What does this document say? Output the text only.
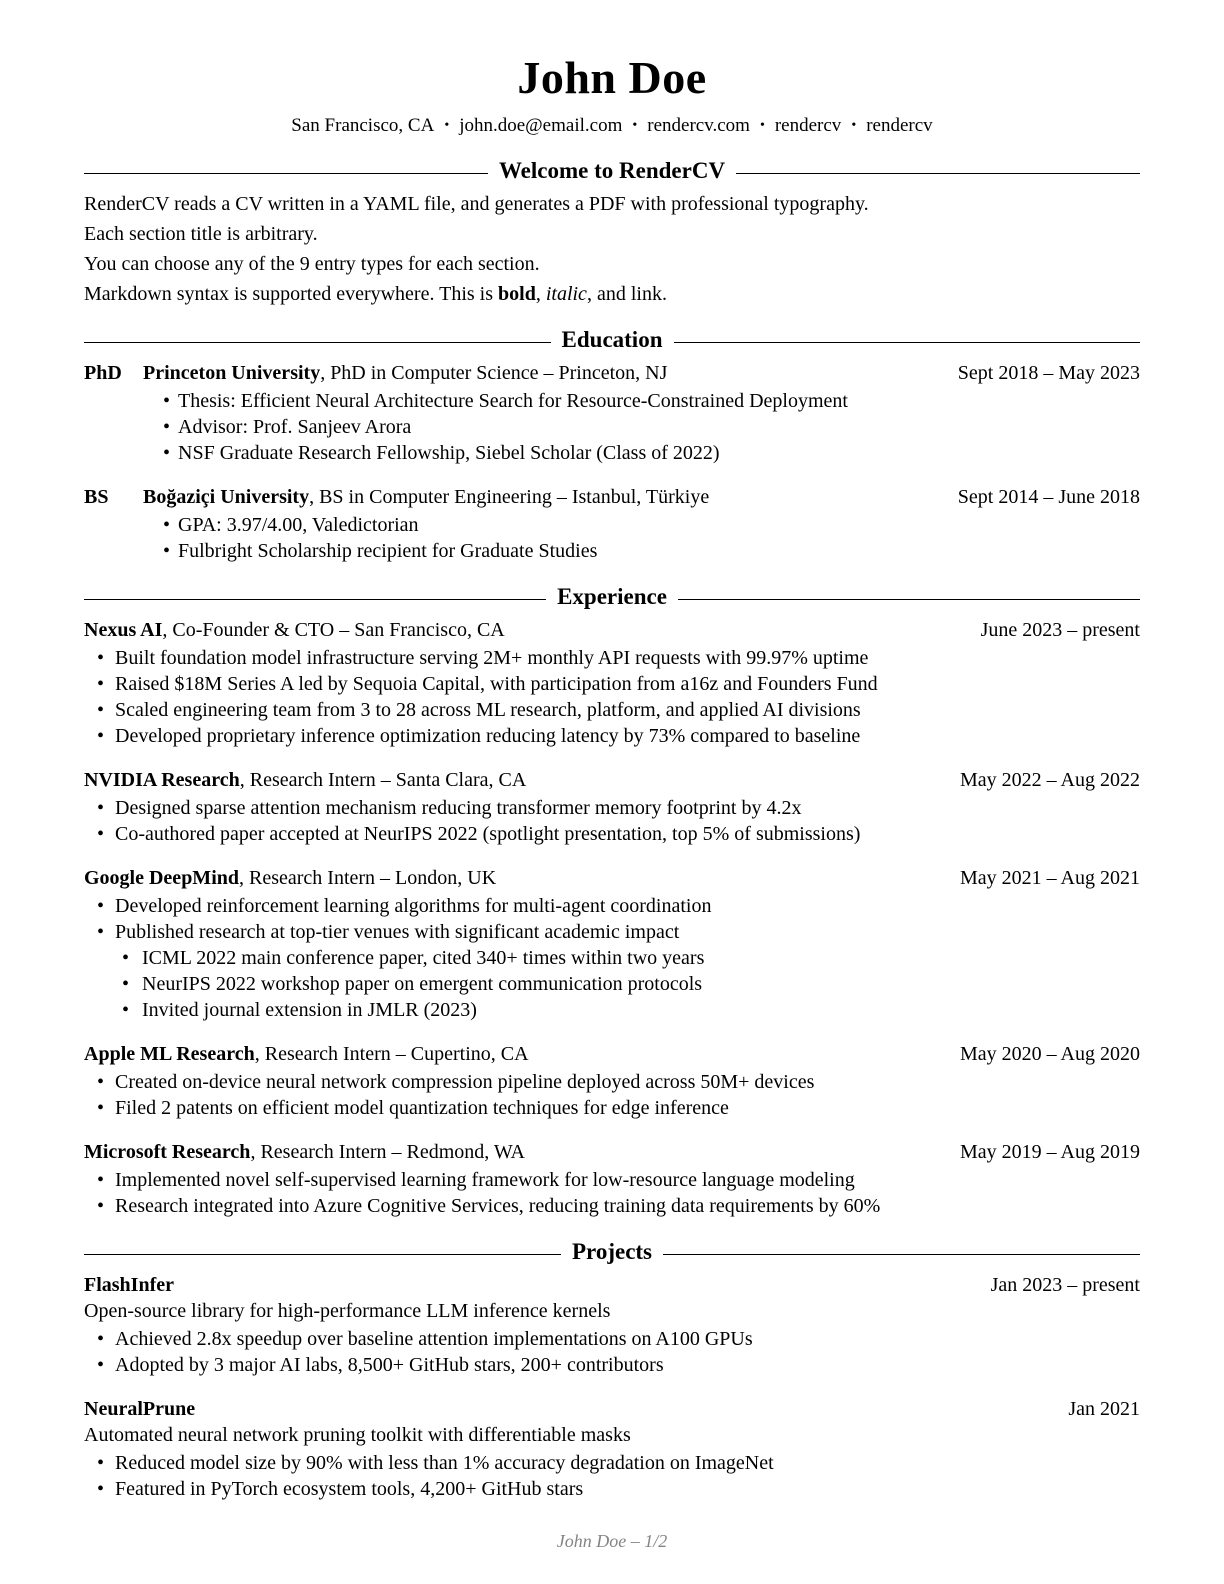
John Doe
San Francisco, CA • john.doe@email.com • rendercv.com • rendercv • rendercv
Welcome to RenderCV

RenderCV reads a CV written in a YAML file, and generates a PDF with professional typography.

Each section title is arbitrary.

You can choose any of the 9 entry types for each section.

Markdown syntax is supported everywhere. This is bold, italic, and link.

Education
PhD	Princeton University, PhD in Computer Science – Princeton, NJ	Sept 2018 – May 2023
• Thesis: Efficient Neural Architecture Search for Resource-Constrained Deployment
• Advisor: Prof. Sanjeev Arora
• NSF Graduate Research Fellowship, Siebel Scholar (Class of 2022)
BS	Boğaziçi University, BS in Computer Engineering – Istanbul, Türkiye	Sept 2014 – June 2018
• GPA: 3.97/4.00, Valedictorian
• Fulbright Scholarship recipient for Graduate Studies
Experience
Nexus AI, Co-Founder & CTO – San Francisco, CA	June 2023 – present
• Built foundation model infrastructure serving 2M+ monthly API requests with 99.97% uptime
• Raised $18M Series A led by Sequoia Capital, with participation from a16z and Founders Fund
• Scaled engineering team from 3 to 28 across ML research, platform, and applied AI divisions
• Developed proprietary inference optimization reducing latency by 73% compared to baseline
NVIDIA Research, Research Intern – Santa Clara, CA	May 2022 – Aug 2022
• Designed sparse attention mechanism reducing transformer memory footprint by 4.2x
• Co-authored paper accepted at NeurIPS 2022 (spotlight presentation, top 5% of submissions)
Google DeepMind, Research Intern – London, UK	May 2021 – Aug 2021
• Developed reinforcement learning algorithms for multi-agent coordination
• Published research at top-tier venues with significant academic impact
• ICML 2022 main conference paper, cited 340+ times within two years
• NeurIPS 2022 workshop paper on emergent communication protocols
• Invited journal extension in JMLR (2023)
Apple ML Research, Research Intern – Cupertino, CA	May 2020 – Aug 2020
• Created on-device neural network compression pipeline deployed across 50M+ devices
• Filed 2 patents on efficient model quantization techniques for edge inference
Microsoft Research, Research Intern – Redmond, WA	May 2019 – Aug 2019
• Implemented novel self-supervised learning framework for low-resource language modeling
• Research integrated into Azure Cognitive Services, reducing training data requirements by 60%
Projects
FlashInfer	Jan 2023 – present

Open-source library for high-performance LLM inference kernels

• Achieved 2.8x speedup over baseline attention implementations on A100 GPUs
• Adopted by 3 major AI labs, 8,500+ GitHub stars, 200+ contributors
NeuralPrune	Jan 2021

Automated neural network pruning toolkit with differentiable masks

• Reduced model size by 90% with less than 1% accuracy degradation on ImageNet
• Featured in PyTorch ecosystem tools, 4,200+ GitHub stars
John Doe – 1/2
